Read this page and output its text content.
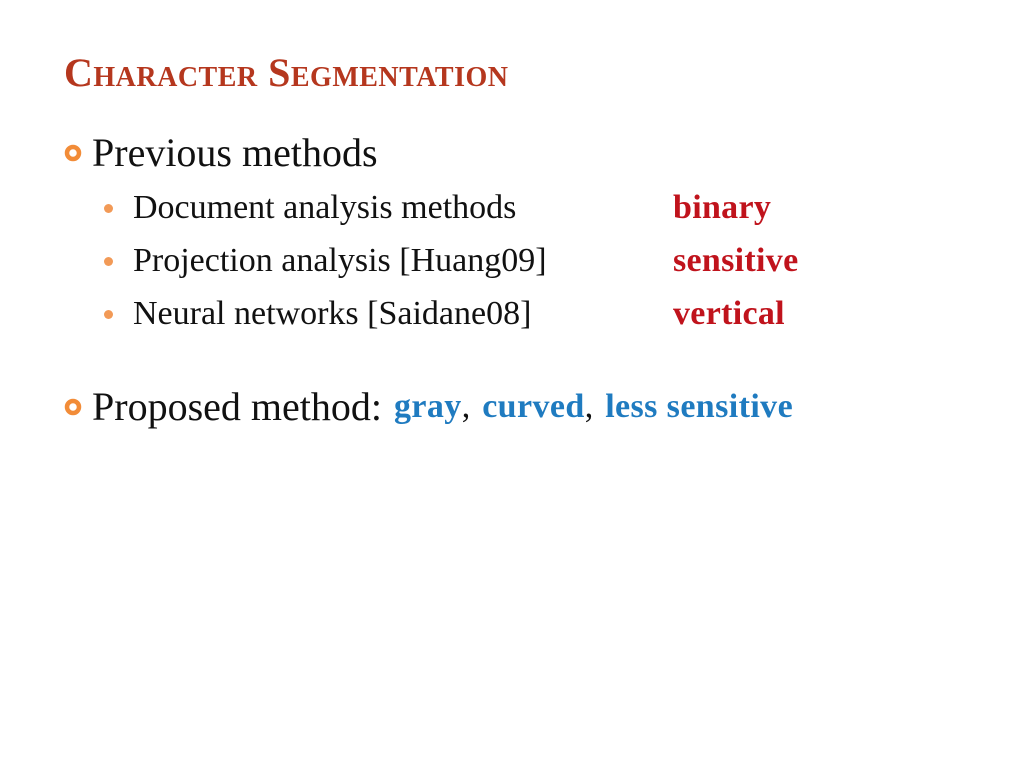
Character Segmentation
Previous methods
Document analysis methods	binary
Projection analysis [Huang09]	sensitive
Neural networks [Saidane08]	vertical
Proposed method: gray , curved , less sensitive
